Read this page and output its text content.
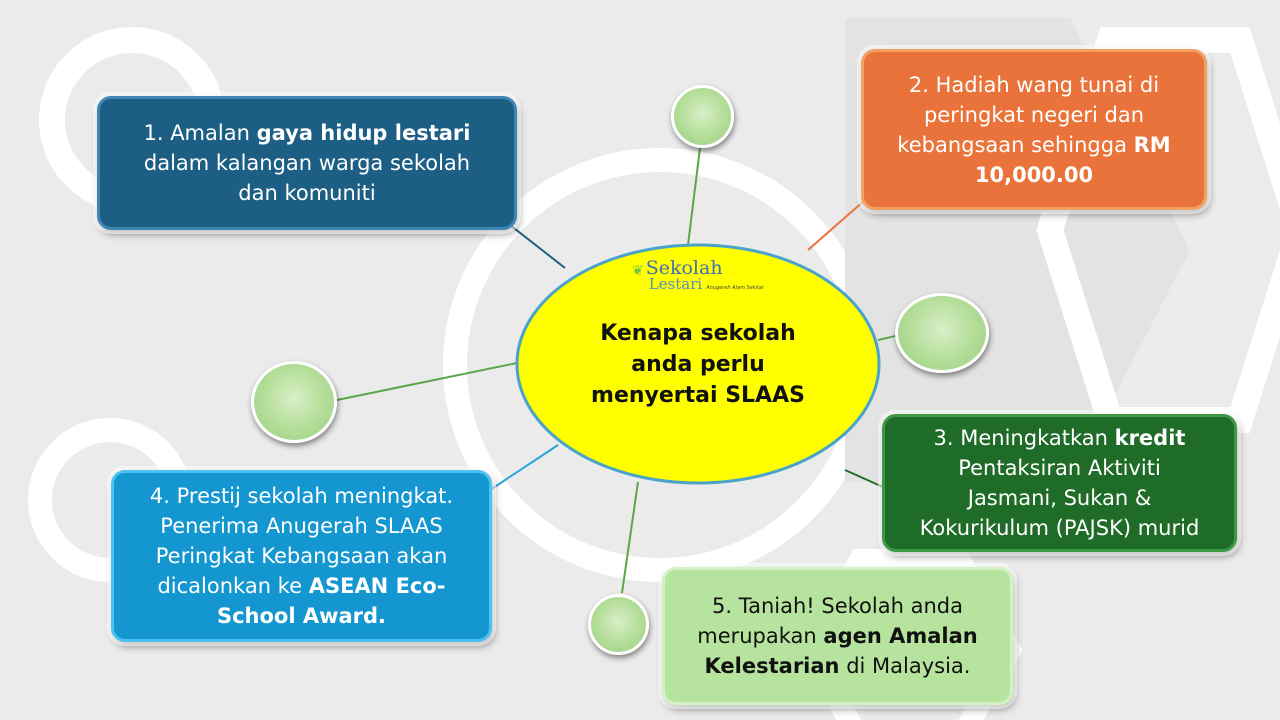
❦ Sekolah
Lestari Anugerah Alam Sekitar
Kenapa sekolah
anda perlu
menyertai SLAAS
1. Amalan gaya hidup lestari
dalam kalangan warga sekolah
dan komuniti
2. Hadiah wang tunai di
peringkat negeri dan
kebangsaan sehingga RM
10,000.00
3. Meningkatkan kredit
Pentaksiran Aktiviti
Jasmani, Sukan &
Kokurikulum (PAJSK) murid
4. Prestij sekolah meningkat.
Penerima Anugerah SLAAS
Peringkat Kebangsaan akan
dicalonkan ke ASEAN Eco-
School Award.	5. Taniah! Sekolah anda
merupakan agen Amalan
Kelestarian di Malaysia.
